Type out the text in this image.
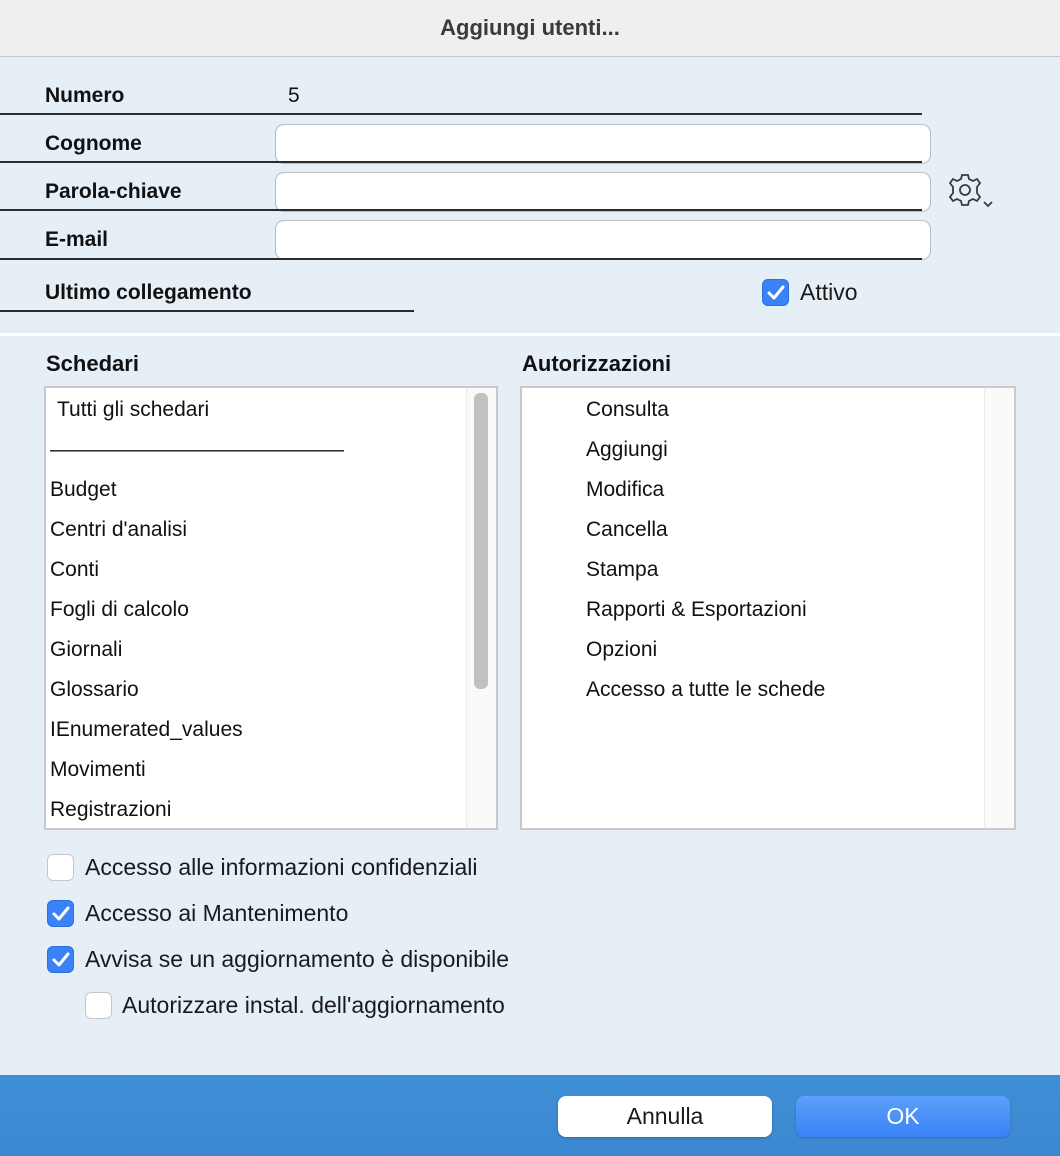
Aggiungi utenti...
Numero	5
Cognome
Parola-chiave
E-mail
Ultimo collegamento	Attivo
Schedari
Tutti gli schedari
——————————————
Budget
Centri d'analisi
Conti
Fogli di calcolo
Giornali
Glossario
IEnumerated_values
Movimenti
Registrazioni
Autorizzazioni
Consulta
Aggiungi
Modifica
Cancella
Stampa
Rapporti & Esportazioni
Opzioni
Accesso a tutte le schede
Accesso alle informazioni confidenziali
Accesso ai Mantenimento
Avvisa se un aggiornamento è disponibile
Autorizzare instal. dell'aggiornamento
Annulla	OK
